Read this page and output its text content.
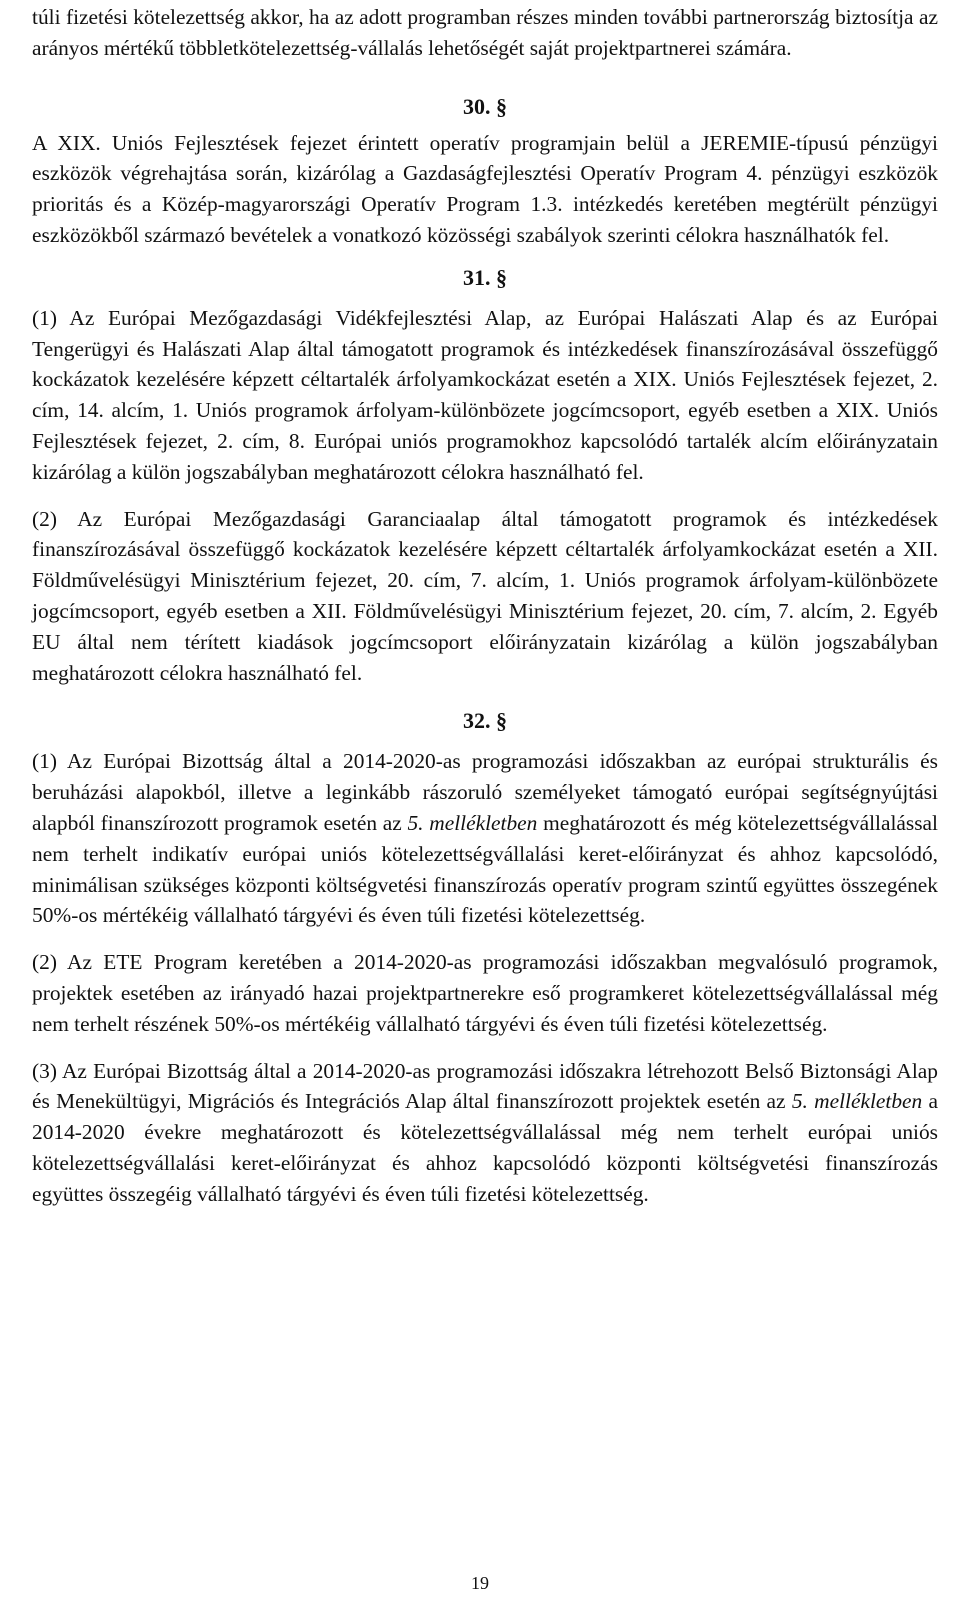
túli fizetési kötelezettség akkor, ha az adott programban részes minden további partnerország biztosítja az arányos mértékű többletkötelezettség-vállalás lehetőségét saját projektpartnerei számára.

30. §

A XIX. Uniós Fejlesztések fejezet érintett operatív programjain belül a JEREMIE-típusú pénzügyi eszközök végrehajtása során, kizárólag a Gazdaságfejlesztési Operatív Program 4. pénzügyi eszközök prioritás és a Közép-magyarországi Operatív Program 1.3. intézkedés keretében megtérült pénzügyi eszközökből származó bevételek a vonatkozó közösségi szabályok szerinti célokra használhatók fel.

31. §

(1) Az Európai Mezőgazdasági Vidékfejlesztési Alap, az Európai Halászati Alap és az Európai Tengerügyi és Halászati Alap által támogatott programok és intézkedések finanszírozásával összefüggő kockázatok kezelésére képzett céltartalék árfolyamkockázat esetén a XIX. Uniós Fejlesztések fejezet, 2. cím, 14. alcím, 1. Uniós programok árfolyam-különbözete jogcímcsoport, egyéb esetben a XIX. Uniós Fejlesztések fejezet, 2. cím, 8. Európai uniós programokhoz kapcsolódó tartalék alcím előirányzatain kizárólag a külön jogszabályban meghatározott célokra használható fel.

(2) Az Európai Mezőgazdasági Garanciaalap által támogatott programok és intézkedések finanszírozásával összefüggő kockázatok kezelésére képzett céltartalék árfolyamkockázat esetén a XII. Földművelésügyi Minisztérium fejezet, 20. cím, 7. alcím, 1. Uniós programok árfolyam-különbözete jogcímcsoport, egyéb esetben a XII. Földművelésügyi Minisztérium fejezet, 20. cím, 7. alcím, 2. Egyéb EU által nem térített kiadások jogcímcsoport előirányzatain kizárólag a külön jogszabályban meghatározott célokra használható fel.

32. §

(1) Az Európai Bizottság által a 2014-2020-as programozási időszakban az európai strukturális és beruházási alapokból, illetve a leginkább rászoruló személyeket támogató európai segítségnyújtási alapból finanszírozott programok esetén az 5. mellékletben meghatározott és még kötelezettségvállalással nem terhelt indikatív európai uniós kötelezettségvállalási keret-előirányzat és ahhoz kapcsolódó, minimálisan szükséges központi költségvetési finanszírozás operatív program szintű együttes összegének 50%-os mértékéig vállalható tárgyévi és éven túli fizetési kötelezettség.

(2) Az ETE Program keretében a 2014-2020-as programozási időszakban megvalósuló programok, projektek esetében az irányadó hazai projektpartnerekre eső programkeret kötelezettségvállalással még nem terhelt részének 50%-os mértékéig vállalható tárgyévi és éven túli fizetési kötelezettség.

(3) Az Európai Bizottság által a 2014-2020-as programozási időszakra létrehozott Belső Biztonsági Alap és Menekültügyi, Migrációs és Integrációs Alap által finanszírozott projektek esetén az 5. mellékletben a 2014-2020 évekre meghatározott és kötelezettségvállalással még nem terhelt európai uniós kötelezettségvállalási keret-előirányzat és ahhoz kapcsolódó központi költségvetési finanszírozás együttes összegéig vállalható tárgyévi és éven túli fizetési kötelezettség.

19
